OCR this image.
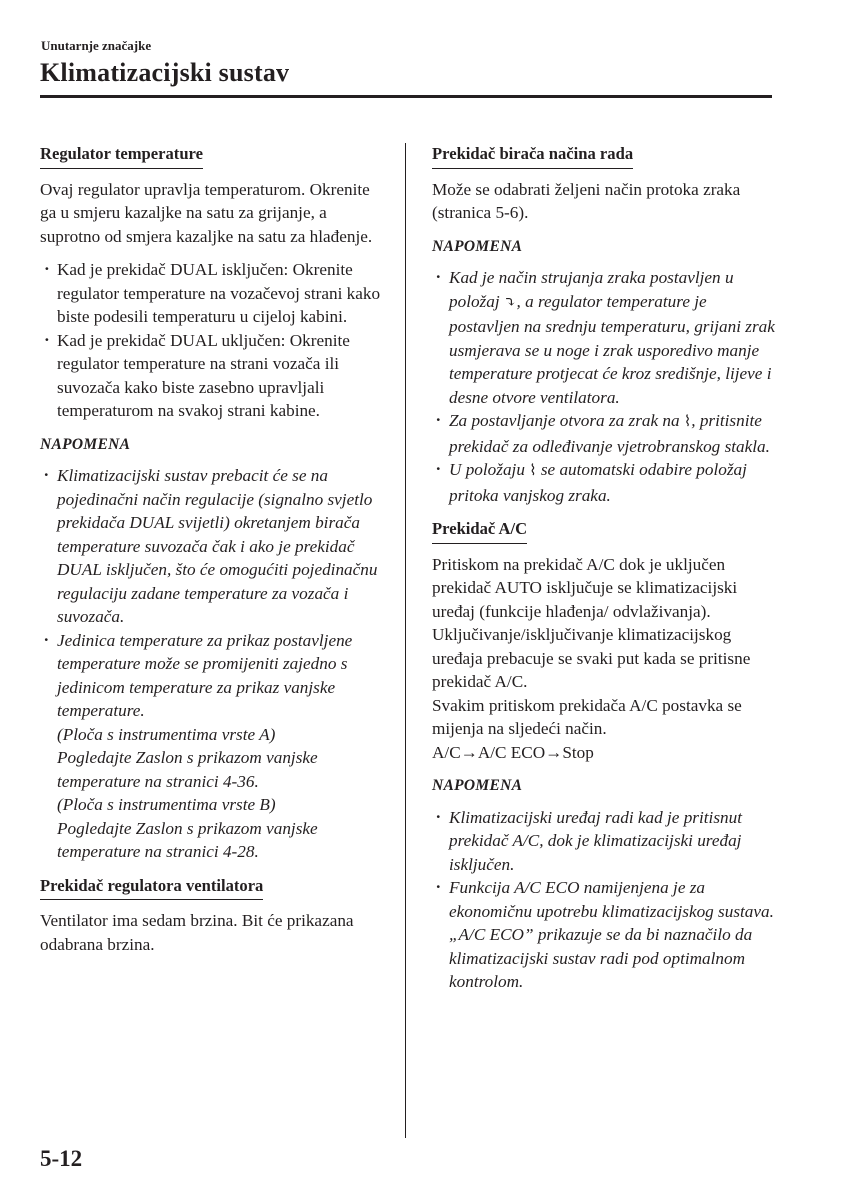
Unutarnje značajke
Klimatizacijski sustav
Regulator temperature

Ovaj regulator upravlja temperaturom. Okrenite ga u smjeru kazaljke na satu za grijanje, a suprotno od smjera kazaljke na satu za hlađenje.

· Kad je prekidač DUAL isključen: Okrenite regulator temperature na vozačevoj strani kako biste podesili temperaturu u cijeloj kabini.
· Kad je prekidač DUAL uključen: Okrenite regulator temperature na strani vozača ili suvozača kako biste zasebno upravljali temperaturom na svakoj strani kabine.
NAPOMENA
· Klimatizacijski sustav prebacit će se na pojedinačni način regulacije (signalno svjetlo prekidača DUAL svijetli) okretanjem birača temperature suvozača čak i ako je prekidač DUAL isključen, što će omogućiti pojedinačnu regulaciju zadane temperature za vozača i suvozača.
· Jedinica temperature za prikaz postavljene temperature može se promijeniti zajedno s jedinicom temperature za prikaz vanjske temperature.
(Ploča s instrumentima vrste A)
Pogledajte Zaslon s prikazom vanjske temperature na stranici 4-36.
(Ploča s instrumentima vrste B)
Pogledajte Zaslon s prikazom vanjske temperature na stranici 4-28.
Prekidač regulatora ventilatora

Ventilator ima sedam brzina. Bit će prikazana odabrana brzina.

Prekidač birača načina rada

Može se odabrati željeni način protoka zraka (stranica 5-6).

NAPOMENA
· Kad je način strujanja zraka postavljen u položaj ⤵, a regulator temperature je postavljen na srednju temperaturu, grijani zrak usmjerava se u noge i zrak usporedivo manje temperature protjecat će kroz središnje, lijeve i desne otvore ventilatora.
· Za postavljanje otvora za zrak na ⌇, pritisnite prekidač za odleđivanje vjetrobranskog stakla.
· U položaju ⌇ se automatski odabire položaj pritoka vanjskog zraka.
Prekidač A/C

Pritiskom na prekidač A/C dok je uključen prekidač AUTO isključuje se klimatizacijski uređaj (funkcije hlađenja/ odvlaživanja).

Uključivanje/isključivanje klimatizacijskog uređaja prebacuje se svaki put kada se pritisne prekidač A/C.

Svakim pritiskom prekidača A/C postavka se mijenja na sljedeći način.

A/C→A/C ECO→Stop

NAPOMENA
· Klimatizacijski uređaj radi kad je pritisnut prekidač A/C, dok je klimatizacijski uređaj isključen.
· Funkcija A/C ECO namijenjena je za ekonomičnu upotrebu klimatizacijskog sustava. „A/C ECO” prikazuje se da bi naznačilo da klimatizacijski sustav radi pod optimalnom kontrolom.
5-12
